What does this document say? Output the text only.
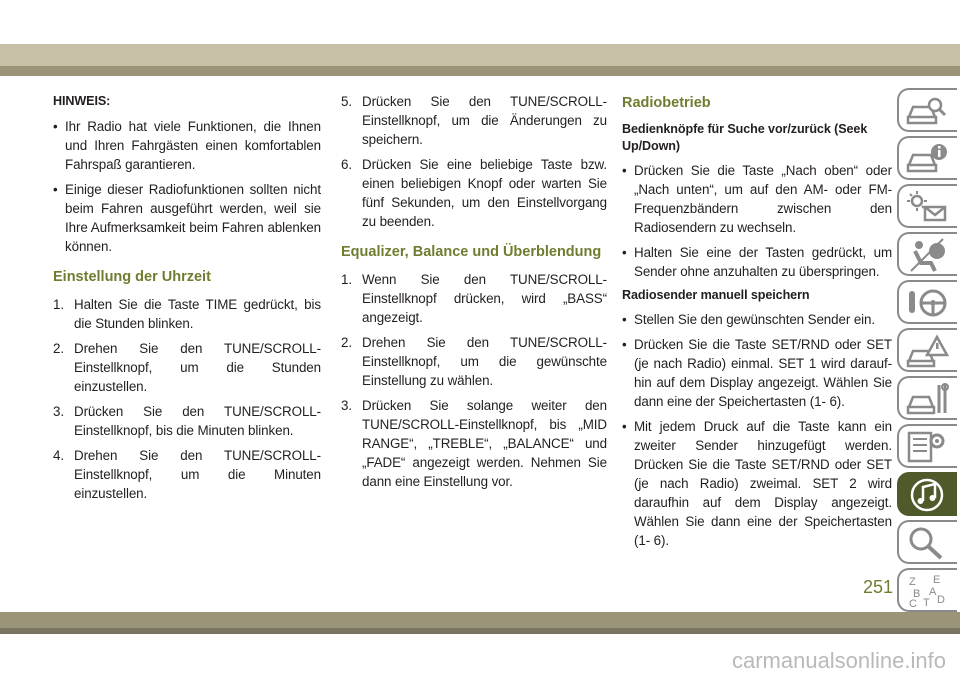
HINWEIS:
• Ihr Radio hat viele Funktionen, die Ihnen und Ihren Fahrgästen einen komfortablen Fahrspaß garantieren.
• Einige dieser Radiofunktionen sollten nicht beim Fahren ausgeführt werden, weil sie Ihre Aufmerksamkeit beim Fahren ablenken können.
Einstellung der Uhrzeit
1. Halten Sie die Taste TIME gedrückt, bis die Stunden blinken.
2. Drehen Sie den TUNE/SCROLL-Einstellknopf, um die Stunden einzustellen.
3. Drücken Sie den TUNE/SCROLL-Einstellknopf, bis die Minuten blinken.
4. Drehen Sie den TUNE/SCROLL-Einstellknopf, um die Minuten einzustellen.
5. Drücken Sie den TUNE/SCROLL-Einstellknopf, um die Änderungen zu speichern.
6. Drücken Sie eine beliebige Taste bzw. einen beliebigen Knopf oder warten Sie fünf Sekunden, um den Einstellvorgang zu beenden.
Equalizer, Balance und Überblendung
1. Wenn Sie den TUNE/SCROLL-Einstellknopf drücken, wird „BASS“ angezeigt.
2. Drehen Sie den TUNE/SCROLL-Einstellknopf, um die gewünschte Einstellung zu wählen.
3. Drücken Sie solange weiter den TUNE/SCROLL-Einstellknopf, bis „MID RANGE“, „TREBLE“, „BALANCE“ und „FADE“ angezeigt werden. Nehmen Sie dann eine Einstellung vor.
Radiobetrieb
Bedienknöpfe für Suche vor/zurück (Seek Up/Down)
• Drücken Sie die Taste „Nach oben“ oder „Nach unten“, um auf den AM- oder FM-Frequenzbändern zwischen den Radiosendern zu wechseln.
• Halten Sie eine der Tasten gedrückt, um Sender ohne anzuhalten zu überspringen.
Radiosender manuell speichern
• Stellen Sie den gewünschten Sender ein.
• Drücken Sie die Taste SET/RND oder SET (je nach Radio) einmal. SET 1 wird darauf-hin auf dem Display angezeigt. Wählen Sie dann eine der Speichertasten (1- 6).
• Mit jedem Druck auf die Taste kann ein zweiter Sender hinzugefügt werden. Drücken Sie die Taste SET/RND oder SET (je nach Radio) zweimal. SET 2 wird daraufhin auf dem Display angezeigt. Wählen Sie dann eine der Speichertasten (1- 6).
Z E
A
B
C T D
251
carmanualsonline.info
